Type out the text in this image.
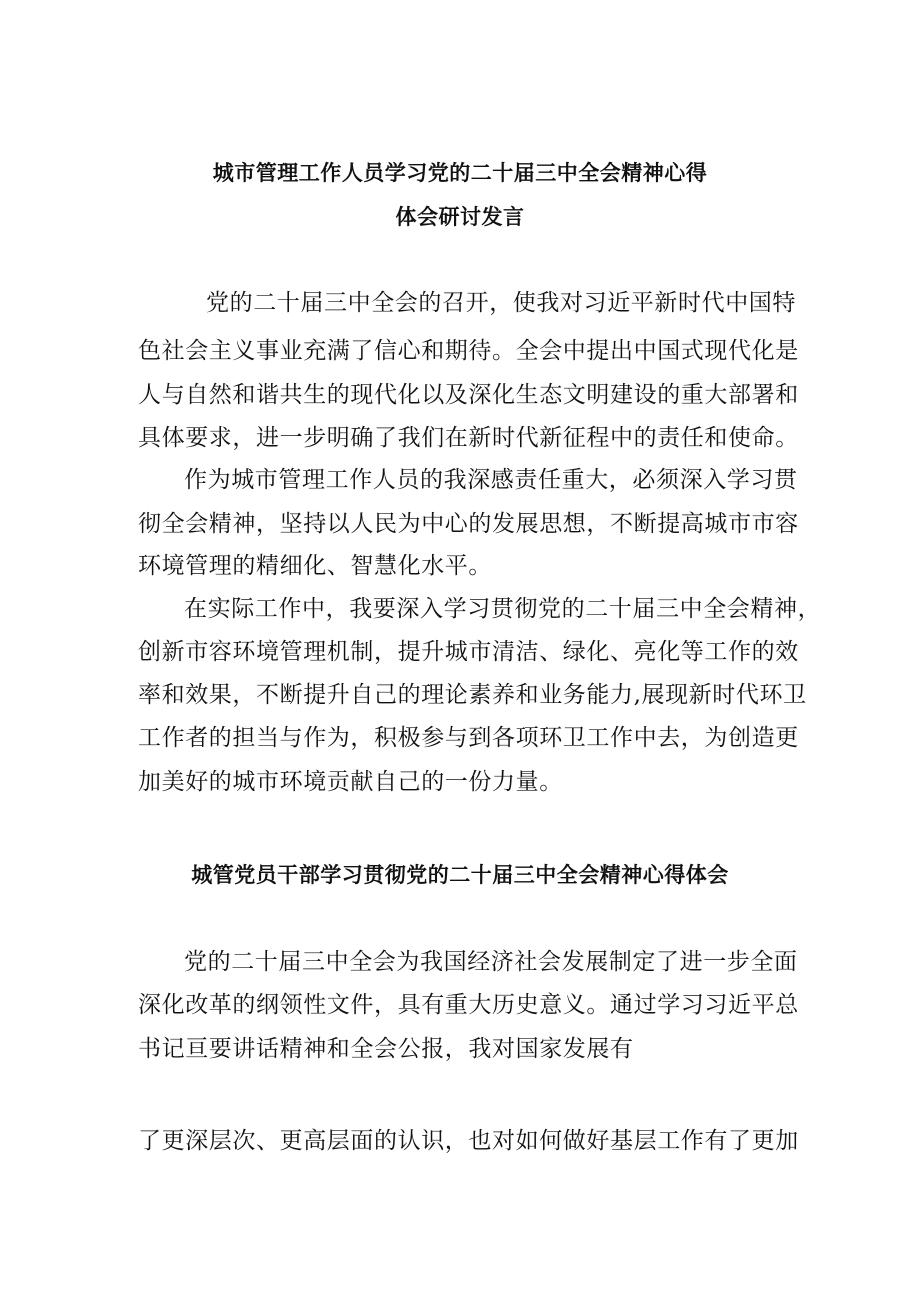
城市管理工作人员学习党的二十届三中全会精神心得
体会研讨发言
党的二十届三中全会的召开，使我对习近平新时代中国特
色社会主义事业充满了信心和期待。全会中提出中国式现代化是
人与自然和谐共生的现代化以及深化生态文明建设的重大部署和
具体要求，进一步明确了我们在新时代新征程中的责任和使命。
作为城市管理工作人员的我深感责任重大，必须深入学习贯
彻全会精神，坚持以人民为中心的发展思想，不断提高城市市容
环境管理的精细化、智慧化水平。
在实际工作中，我要深入学习贯彻党的二十届三中全会精神，
创新市容环境管理机制，提升城市清洁、绿化、亮化等工作的效
率和效果，不断提升自己的理论素养和业务能力,展现新时代环卫
工作者的担当与作为，积极参与到各项环卫工作中去，为创造更
加美好的城市环境贡献自己的一份力量。
城管党员干部学习贯彻党的二十届三中全会精神心得体会
党的二十届三中全会为我国经济社会发展制定了进一步全面
深化改革的纲领性文件，具有重大历史意义。通过学习习近平总
书记亘要讲话精神和全会公报，我对国家发展有
了更深层次、更高层面的认识，也对如何做好基层工作有了更加
